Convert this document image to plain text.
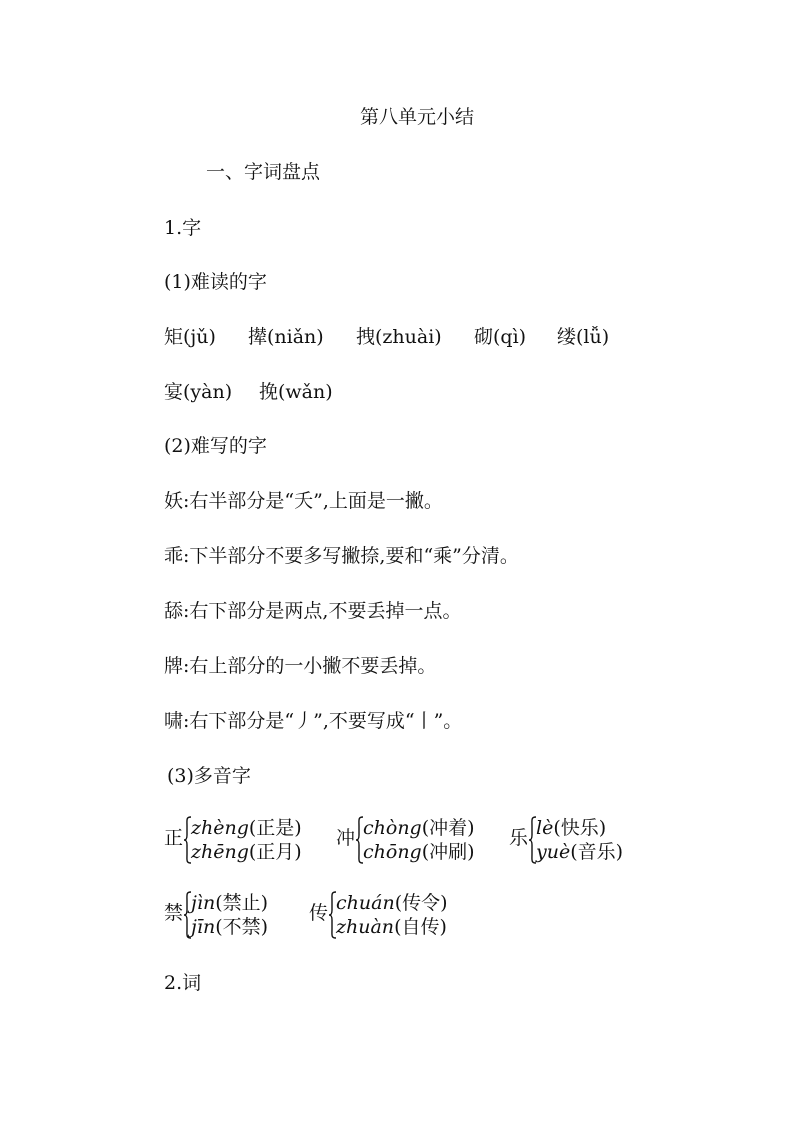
第八单元小结
一、字词盘点
1.字
(1)难读的字
矩(jǔ) 撵(niǎn) 拽(zhuài) 砌(qì) 缕(lǚ)
宴(yàn) 挽(wǎn)
(2)难写的字
妖:右半部分是“夭”,上面是一撇。
乖:下半部分不要多写撇捺,要和“乘”分清。
舔:右下部分是两点,不要丢掉一点。
牌:右上部分的一小撇不要丢掉。
啸:右下部分是“丿”,不要写成“丨”。
(3)多音字
正 zhèng(正是)
zhēng(正月)
冲 chòng(冲着)
chōng(冲刷)
乐 lè(快乐)
yuè(音乐)
禁 jìn(禁止)
jīn(不禁)
传 chuán(传令)
zhuàn(自传)
2.词
